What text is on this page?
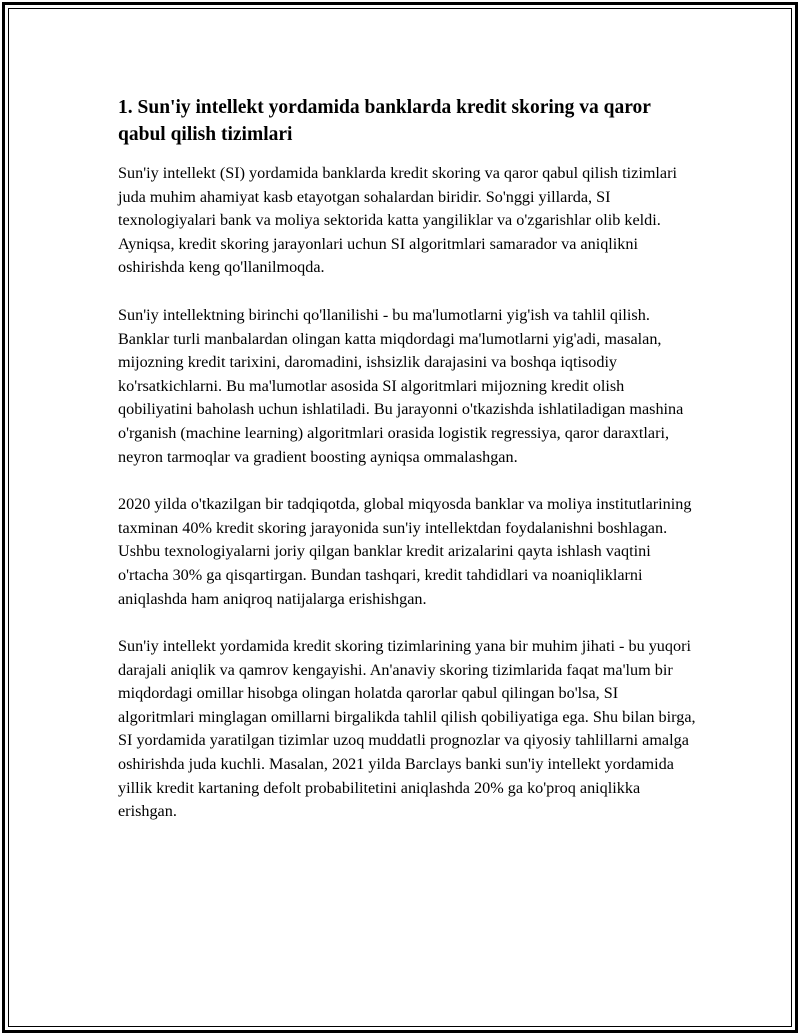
1. Sun'iy intellekt yordamida banklarda kredit skoring va qaror qabul qilish tizimlari

Sun'iy intellekt (SI) yordamida banklarda kredit skoring va qaror qabul qilish tizimlari juda muhim ahamiyat kasb etayotgan sohalardan biridir. So'nggi yillarda, SI texnologiyalari bank va moliya sektorida katta yangiliklar va o'zgarishlar olib keldi. Ayniqsa, kredit skoring jarayonlari uchun SI algoritmlari samarador va aniqlikni oshirishda keng qo'llanilmoqda.

Sun'iy intellektning birinchi qo'llanilishi - bu ma'lumotlarni yig'ish va tahlil qilish. Banklar turli manbalardan olingan katta miqdordagi ma'lumotlarni yig'adi, masalan, mijozning kredit tarixini, daromadini, ishsizlik darajasini va boshqa iqtisodiy ko'rsatkichlarni. Bu ma'lumotlar asosida SI algoritmlari mijozning kredit olish qobiliyatini baholash uchun ishlatiladi. Bu jarayonni o'tkazishda ishlatiladigan mashina o'rganish (machine learning) algoritmlari orasida logistik regressiya, qaror daraxtlari, neyron tarmoqlar va gradient boosting ayniqsa ommalashgan.

2020 yilda o'tkazilgan bir tadqiqotda, global miqyosda banklar va moliya institutlarining taxminan 40% kredit skoring jarayonida sun'iy intellektdan foydalanishni boshlagan. Ushbu texnologiyalarni joriy qilgan banklar kredit arizalarini qayta ishlash vaqtini o'rtacha 30% ga qisqartirgan. Bundan tashqari, kredit tahdidlari va noaniqliklarni aniqlashda ham aniqroq natijalarga erishishgan.

Sun'iy intellekt yordamida kredit skoring tizimlarining yana bir muhim jihati - bu yuqori darajali aniqlik va qamrov kengayishi. An'anaviy skoring tizimlarida faqat ma'lum bir miqdordagi omillar hisobga olingan holatda qarorlar qabul qilingan bo'lsa, SI algoritmlari minglagan omillarni birgalikda tahlil qilish qobiliyatiga ega. Shu bilan birga, SI yordamida yaratilgan tizimlar uzoq muddatli prognozlar va qiyosiy tahlillarni amalga oshirishda juda kuchli. Masalan, 2021 yilda Barclays banki sun'iy intellekt yordamida yillik kredit kartaning defolt probabilitetini aniqlashda 20% ga ko'proq aniqlikka erishgan.
